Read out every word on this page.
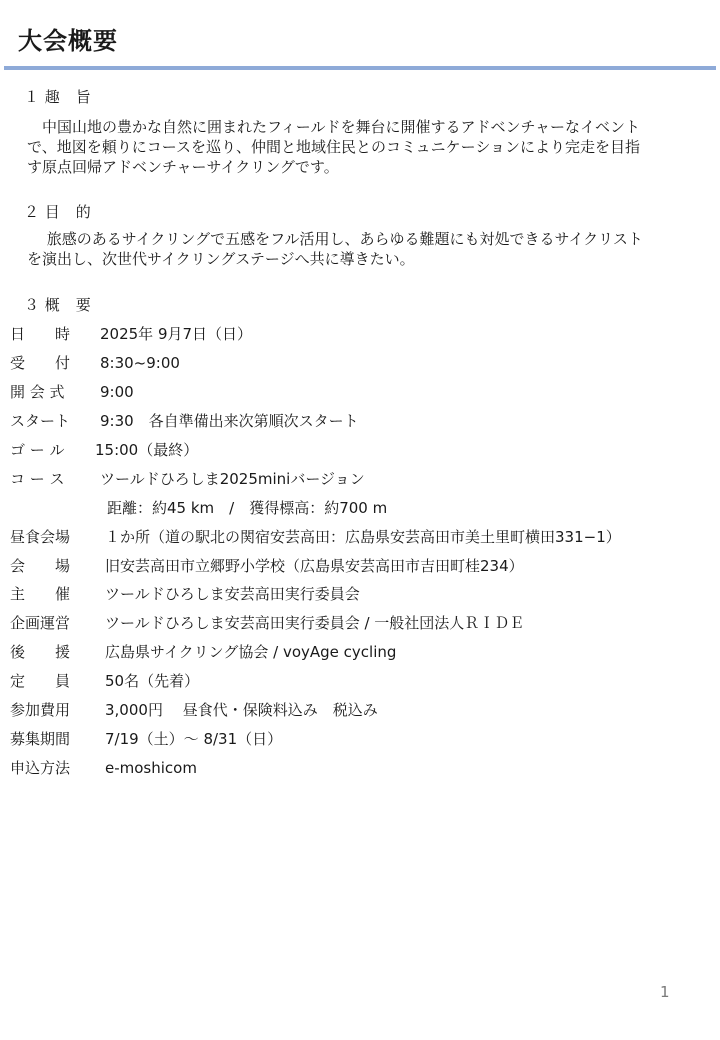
大会概要
１ 趣　旨

　中国山地の豊かな自然に囲まれたフィールドを舞台に開催するアドベンチャーなイベント
で、地図を頼りにコースを巡り、仲間と地域住民とのコミュニケーションにより完走を目指
す原点回帰アドベンチャーサイクリングです。

２ 目　的

　 旅感のあるサイクリングで五感をフル活用し、あらゆる難題にも対処できるサイクリスト
を演出し、次世代サイクリングステージへ共に導きたい。

３ 概　要
日　　時 2025年 9月7日（日）
受　　付 8:30~9:00
開 会 式 9:00
スタート 9:30　各自準備出来次第順次スタート
ゴ ー ル 15:00（最終）
コ ー ス ツールドひろしま2025miniバージョン
距離：約45 km　/　獲得標高：約700 m
昼食会場 １か所（道の駅北の関宿安芸高田：広島県安芸高田市美土里町横田331−1）
会　　場 旧安芸高田市立郷野小学校（広島県安芸高田市吉田町桂234）
主　　催 ツールドひろしま安芸高田実行委員会
企画運営 ツールドひろしま安芸高田実行委員会 / 一般社団法人ＲＩＤＥ
後　　援 広島県サイクリング協会 / voyAge cycling
定　　員 50名（先着）
参加費用 3,000円　 昼食代・保険料込み　税込み
募集期間 7/19（土）～ 8/31（日）
申込方法 e-moshicom
1
